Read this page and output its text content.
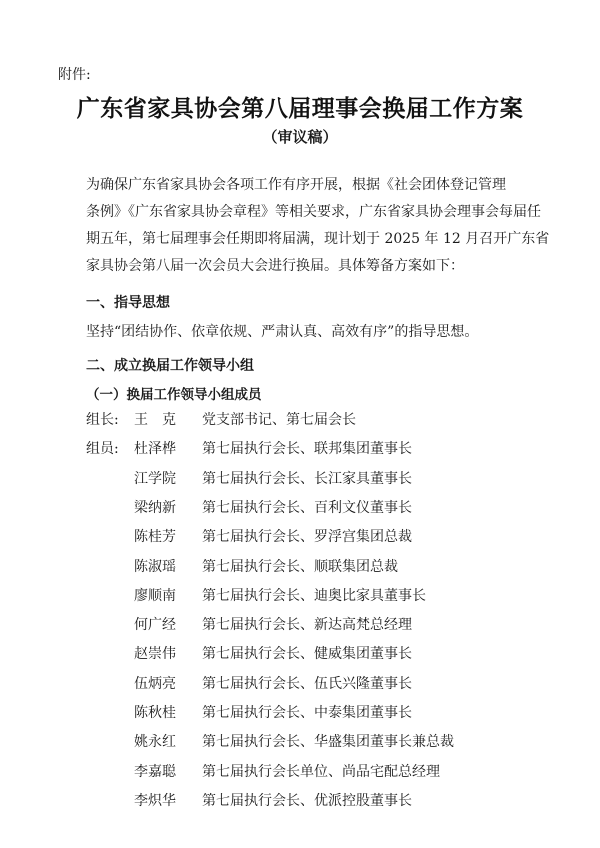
附件:
广东省家具协会第八届理事会换届工作方案
（审议稿）
为确保广东省家具协会各项工作有序开展，根据《社会团体登记管理
条例》《广东省家具协会章程》等相关要求，广东省家具协会理事会每届任
期五年，第七届理事会任期即将届满，现计划于 2025 年 12 月召开广东省
家具协会第八届一次会员大会进行换届。具体筹备方案如下：
一、指导思想
坚持“团结协作、依章依规、严肃认真、高效有序”的指导思想。
二、成立换届工作领导小组
（一）换届工作领导小组成员
组长: 王　克 党支部书记、第七届会长
组员: 杜泽桦 第七届执行会长、联邦集团董事长
江学院 第七届执行会长、长江家具董事长
梁纳新 第七届执行会长、百利文仪董事长
陈桂芳 第七届执行会长、罗浮宫集团总裁
陈淑瑶 第七届执行会长、顺联集团总裁
廖顺南 第七届执行会长、迪奥比家具董事长
何广经 第七届执行会长、新达高梵总经理
赵崇伟 第七届执行会长、健威集团董事长
伍炳亮 第七届执行会长、伍氏兴隆董事长
陈秋桂 第七届执行会长、中泰集团董事长
姚永红 第七届执行会长、华盛集团董事长兼总裁
李嘉聪 第七届执行会长单位、尚品宅配总经理
李炽华 第七届执行会长、优派控股董事长
